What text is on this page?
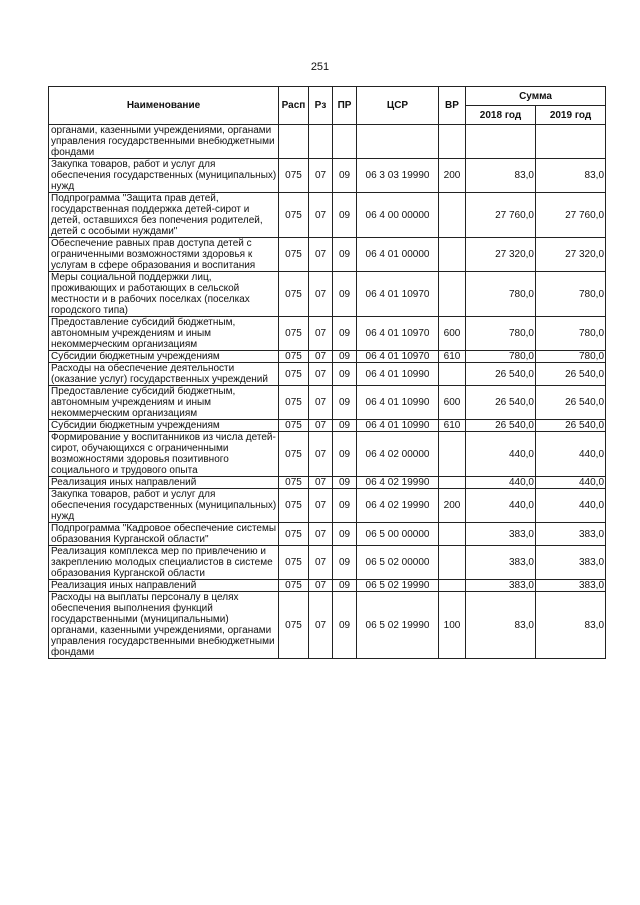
251
Наименование	Расп	Рз	ПР	ЦСР	ВР	Сумма	
						2018 год	2019 год
органами, казенными учреждениями, органами управления государственными внебюджетными фондами							
Закупка товаров, работ и услуг для обеспечения государственных (муниципальных) нужд	075	07	09	06 3 03 19990	200	83,0	83,0
Подпрограмма "Защита прав детей, государственная поддержка детей-сирот и детей, оставшихся без попечения родителей, детей с особыми нуждами"	075	07	09	06 4 00 00000		27 760,0	27 760,0
Обеспечение равных прав доступа детей с ограниченными возможностями здоровья к услугам в сфере образования и воспитания	075	07	09	06 4 01 00000		27 320,0	27 320,0
Меры социальной поддержки лиц, проживающих и работающих в сельской местности и в рабочих поселках (поселках городского типа)	075	07	09	06 4 01 10970		780,0	780,0
Предоставление субсидий бюджетным, автономным учреждениям и иным некоммерческим организациям	075	07	09	06 4 01 10970	600	780,0	780,0
Субсидии бюджетным учреждениям	075	07	09	06 4 01 10970	610	780,0	780,0
Расходы на обеспечение деятельности (оказание услуг) государственных учреждений	075	07	09	06 4 01 10990		26 540,0	26 540,0
Предоставление субсидий бюджетным, автономным учреждениям и иным некоммерческим организациям	075	07	09	06 4 01 10990	600	26 540,0	26 540,0
Субсидии бюджетным учреждениям	075	07	09	06 4 01 10990	610	26 540,0	26 540,0
Формирование у воспитанников из числа детей-сирот, обучающихся с ограниченными возможностями здоровья позитивного социального и трудового опыта	075	07	09	06 4 02 00000		440,0	440,0
Реализация иных направлений	075	07	09	06 4 02 19990		440,0	440,0
Закупка товаров, работ и услуг для обеспечения государственных (муниципальных) нужд	075	07	09	06 4 02 19990	200	440,0	440,0
Подпрограмма "Кадровое обеспечение системы образования Курганской области"	075	07	09	06 5 00 00000		383,0	383,0
Реализация комплекса мер по привлечению и закреплению молодых специалистов в системе образования Курганской области	075	07	09	06 5 02 00000		383,0	383,0
Реализация иных направлений	075	07	09	06 5 02 19990		383,0	383,0
Расходы на выплаты персоналу в целях обеспечения выполнения функций государственными (муниципальными) органами, казенными учреждениями, органами управления государственными внебюджетными фондами	075	07	09	06 5 02 19990	100	83,0	83,0
